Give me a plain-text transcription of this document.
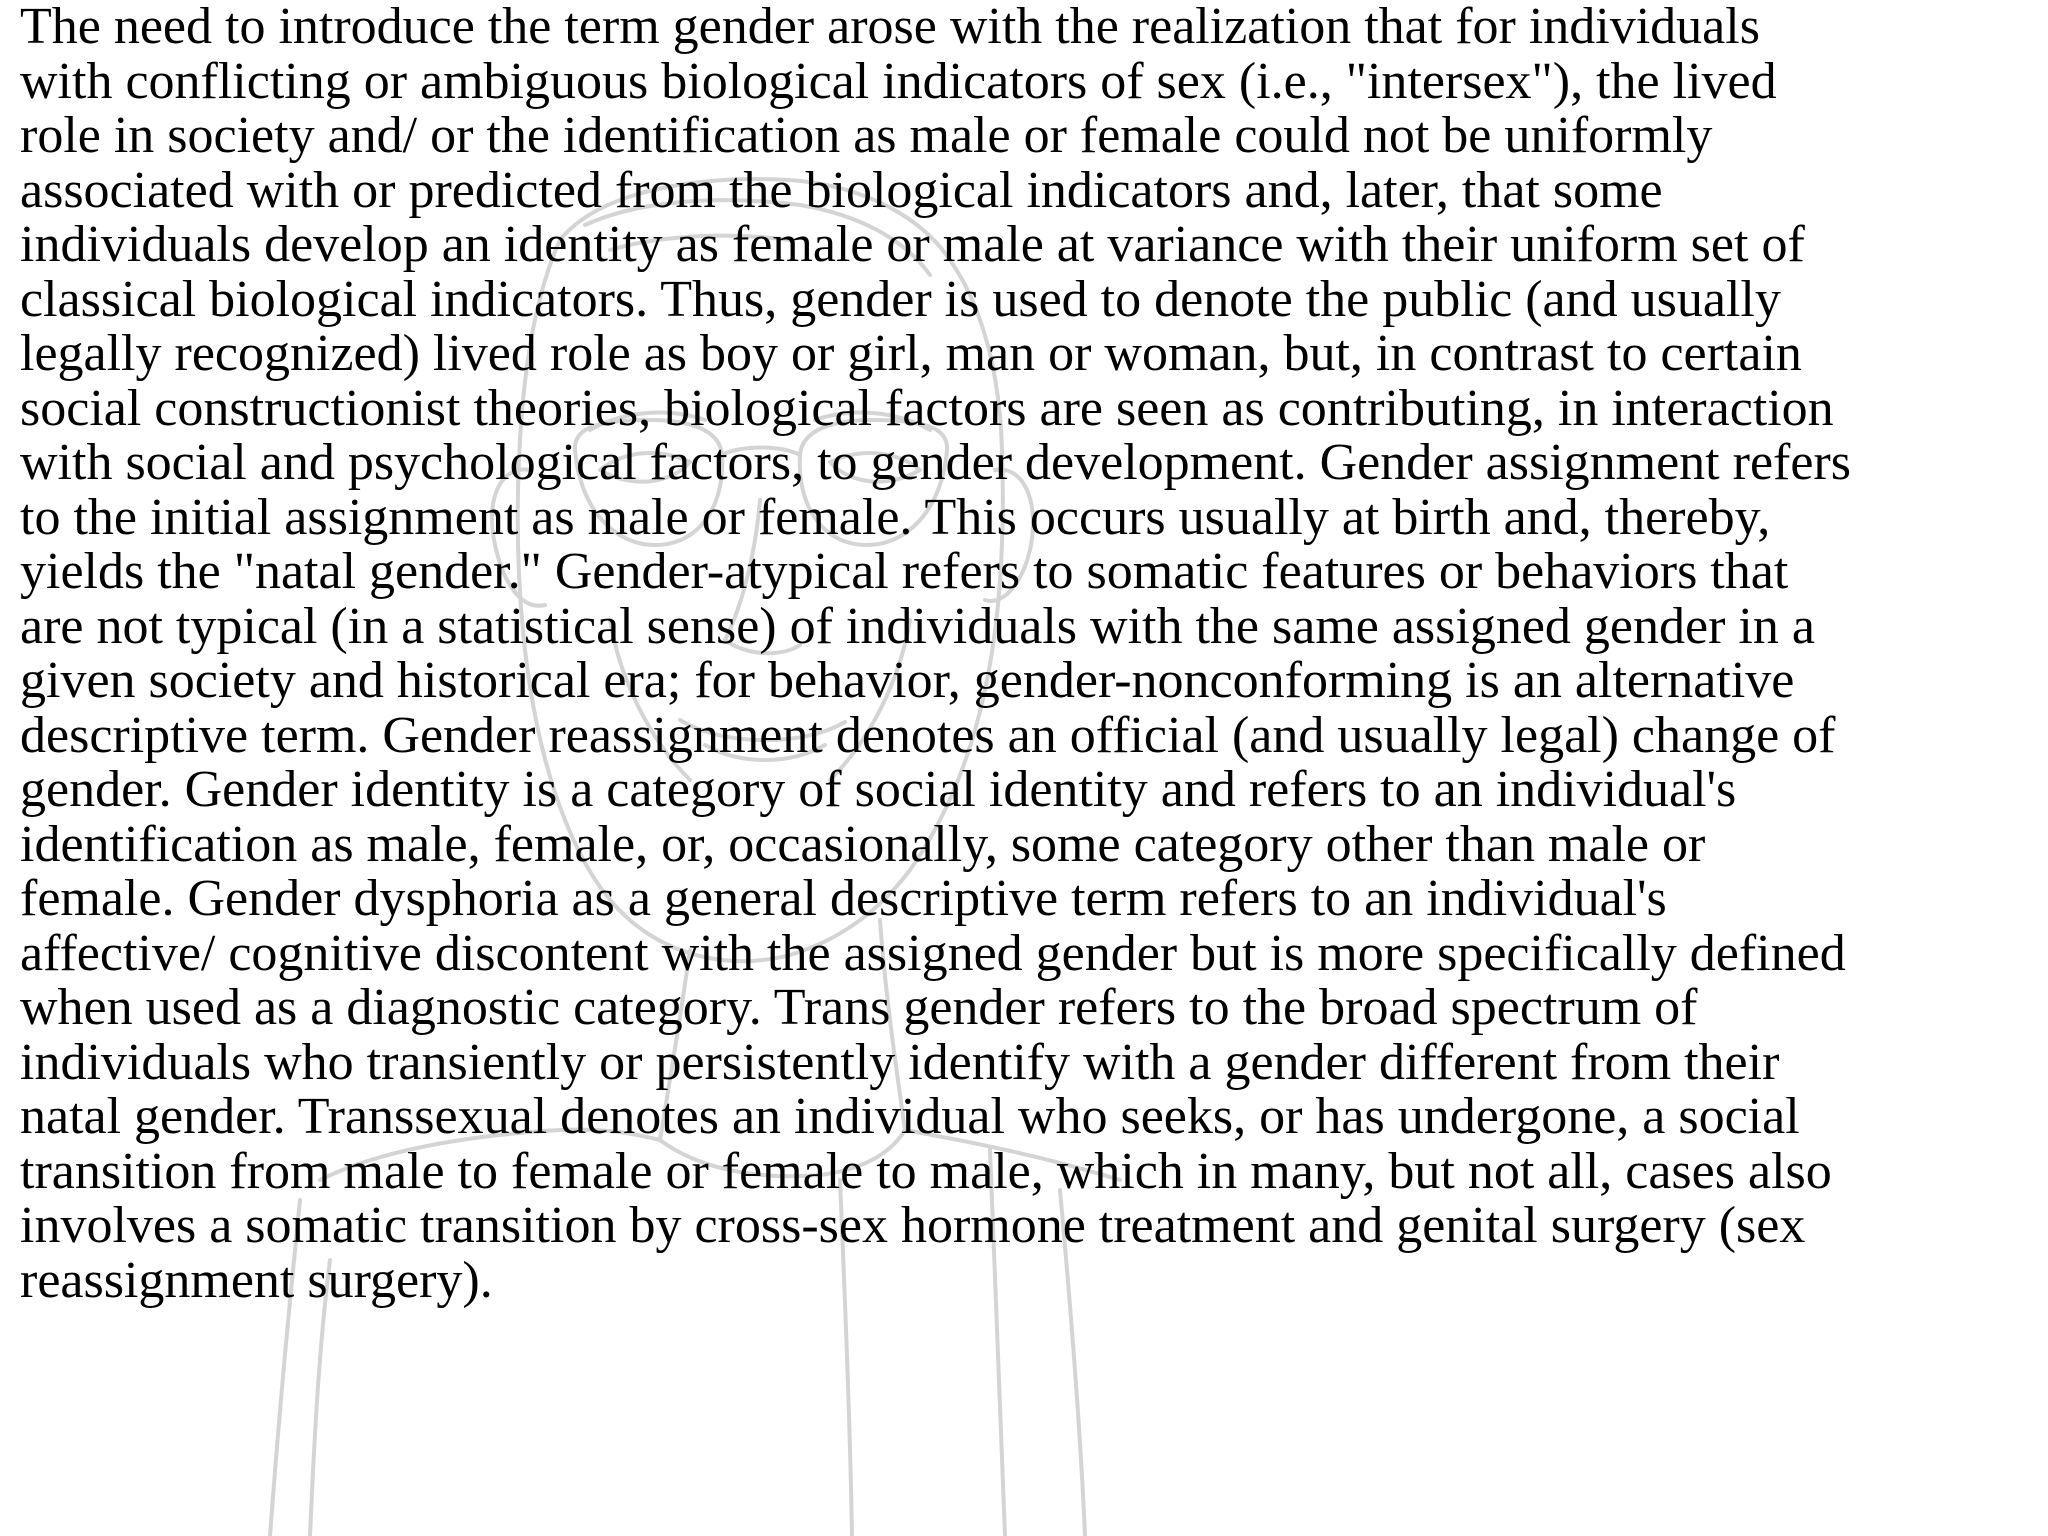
The need to introduce the term gender arose with the realization that for individuals
with conflicting or ambiguous biological indicators of sex (i.e., "intersex"), the lived
role in society and/ or the identification as male or female could not be uniformly
associated with or predicted from the biological indicators and, later, that some
individuals develop an identity as female or male at variance with their uniform set of
classical biological indicators. Thus, gender is used to denote the public (and usually
legally recognized) lived role as boy or girl, man or woman, but, in contrast to certain
social constructionist theories, biological factors are seen as contributing, in interaction
with social and psychological factors, to gender development. Gender assignment refers
to the initial assignment as male or female. This occurs usually at birth and, thereby,
yields the "natal gender." Gender-atypical refers to somatic features or behaviors that
are not typical (in a statistical sense) of individuals with the same assigned gender in a
given society and historical era; for behavior, gender-nonconforming is an alternative
descriptive term. Gender reassignment denotes an official (and usually legal) change of
gender. Gender identity is a category of social identity and refers to an individual's
identification as male, female, or, occasionally, some category other than male or
female. Gender dysphoria as a general descriptive term refers to an individual's
affective/ cognitive discontent with the assigned gender but is more specifically defined
when used as a diagnostic category. Trans gender refers to the broad spectrum of
individuals who transiently or persistently identify with a gender different from their
natal gender. Transsexual denotes an individual who seeks, or has undergone, a social
transition from male to female or female to male, which in many, but not all, cases also
involves a somatic transition by cross-sex hormone treatment and genital surgery (sex
reassignment surgery).
